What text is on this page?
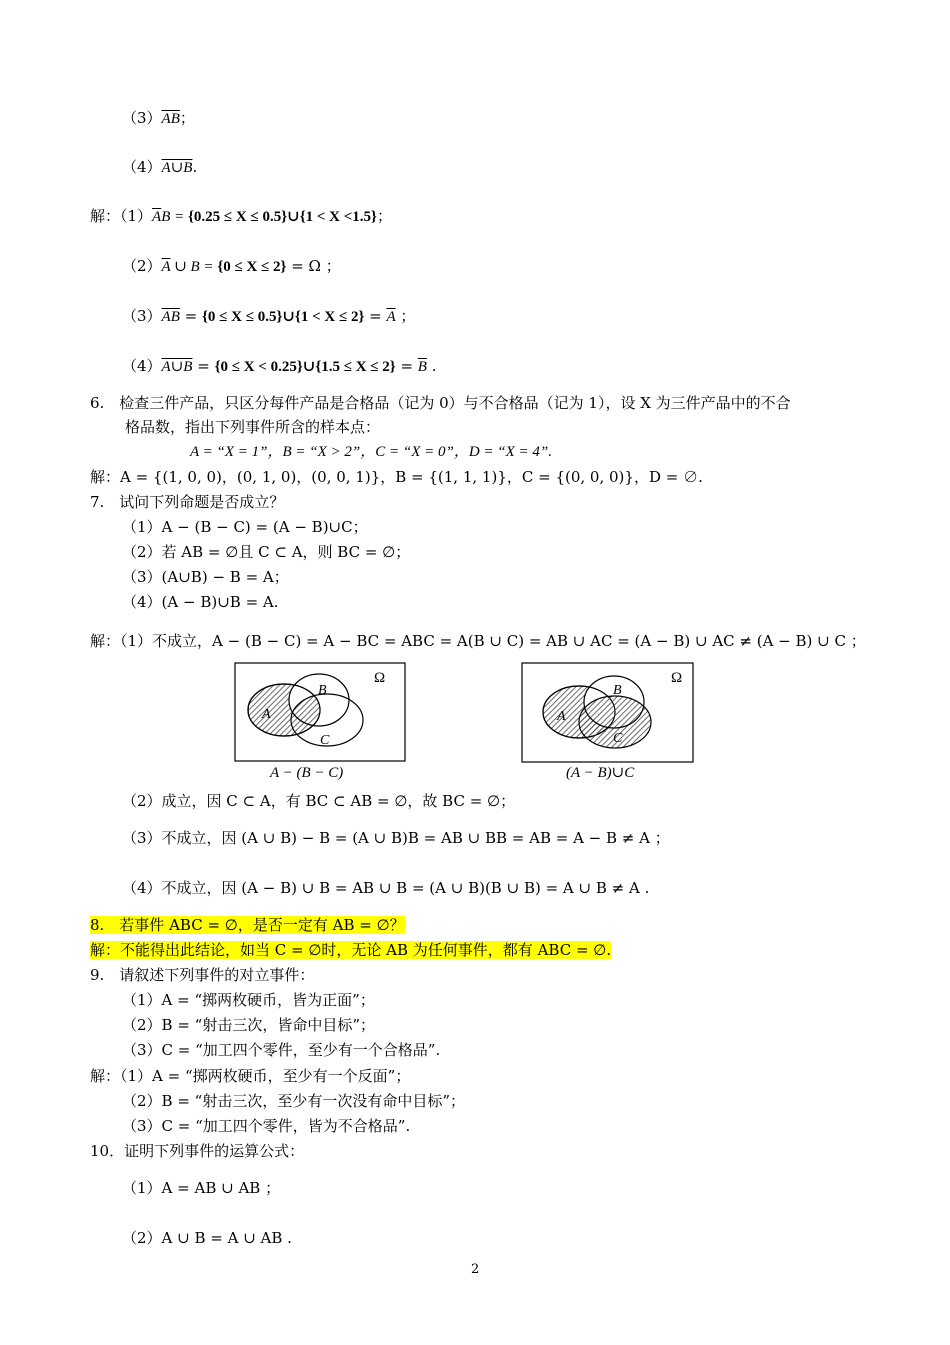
$(3)\overline{AB}$；
（4）A∪B.
解：$(1)\overline{A}B = \{0.25 \le X$ ≤ 0.5}∪{1 < X <1.5}；
$(2)\overline{A}$ ∪ B = {0 ≤ X ≤ 2} = Ω ；
$(3)\overline{AB} = \{0 \le X$ ≤ 0.5}∪{1 < $X \le 2\} = \overline{A}$ ；
（4）A∪B = {0 ≤ X < 0.25}∪{1.5 ≤ $X \le 2\} = \overline{B}$ .
6.　检查三件产品，只区分每件产品是合格品（记为 0）与不合格品（记为 1），设 X 为三件产品中的不合
格品数，指出下列事件所含的样本点：
A = “X = 1”，B = “X > 2”，C = “X = 0”，D = “X = 4”.
解：A = {(1, 0, 0)，(0, 1, 0)，(0, 0, 1)}，B = {(1, 1, 1)}，C = {(0, 0, 0)}，D = ∅.
7.　试问下列命题是否成立？
（1）A − (B − C) = (A − B)∪C；
（2）若 AB = ∅且 C ⊂ A，则 BC = ∅；
（3）(A∪B) − B = A；
（4）(A − B)∪B = A.
解：（1）不成立，A − (B − C) = A − BC = ABC = A(B ∪ C) = AB ∪ AC = (A − B) ∪ AC ≠ (A − B) ∪ C ；
Ω
B
C
A
A − (B − C)
Ω
B
C
A
(A − B)∪C
（2）成立，因 C ⊂ A，有 BC ⊂ AB = ∅，故 BC = ∅；
（3）不成立，因 (A ∪ B) − B = (A ∪ B)B = AB ∪ BB = AB = A − B ≠ A ；
（4）不成立，因 (A − B) ∪ B = AB ∪ B = (A ∪ B)(B ∪ B) = A ∪ B ≠ A .
8.　若事件 ABC = ∅，是否一定有 AB = ∅？
解：不能得出此结论，如当 C = ∅时，无论 AB 为任何事件，都有 ABC = ∅.
9.　请叙述下列事件的对立事件：
（1）A = “掷两枚硬币，皆为正面”；
（2）B = “射击三次，皆命中目标”；
（3）C = “加工四个零件，至少有一个合格品”.
解：（1）A = “掷两枚硬币，至少有一个反面”；
（2）B = “射击三次，至少有一次没有命中目标”；
（3）C = “加工四个零件，皆为不合格品”.
10．证明下列事件的运算公式：
（1）A = AB ∪ AB ；
（2）A ∪ B = A ∪ AB .
2
